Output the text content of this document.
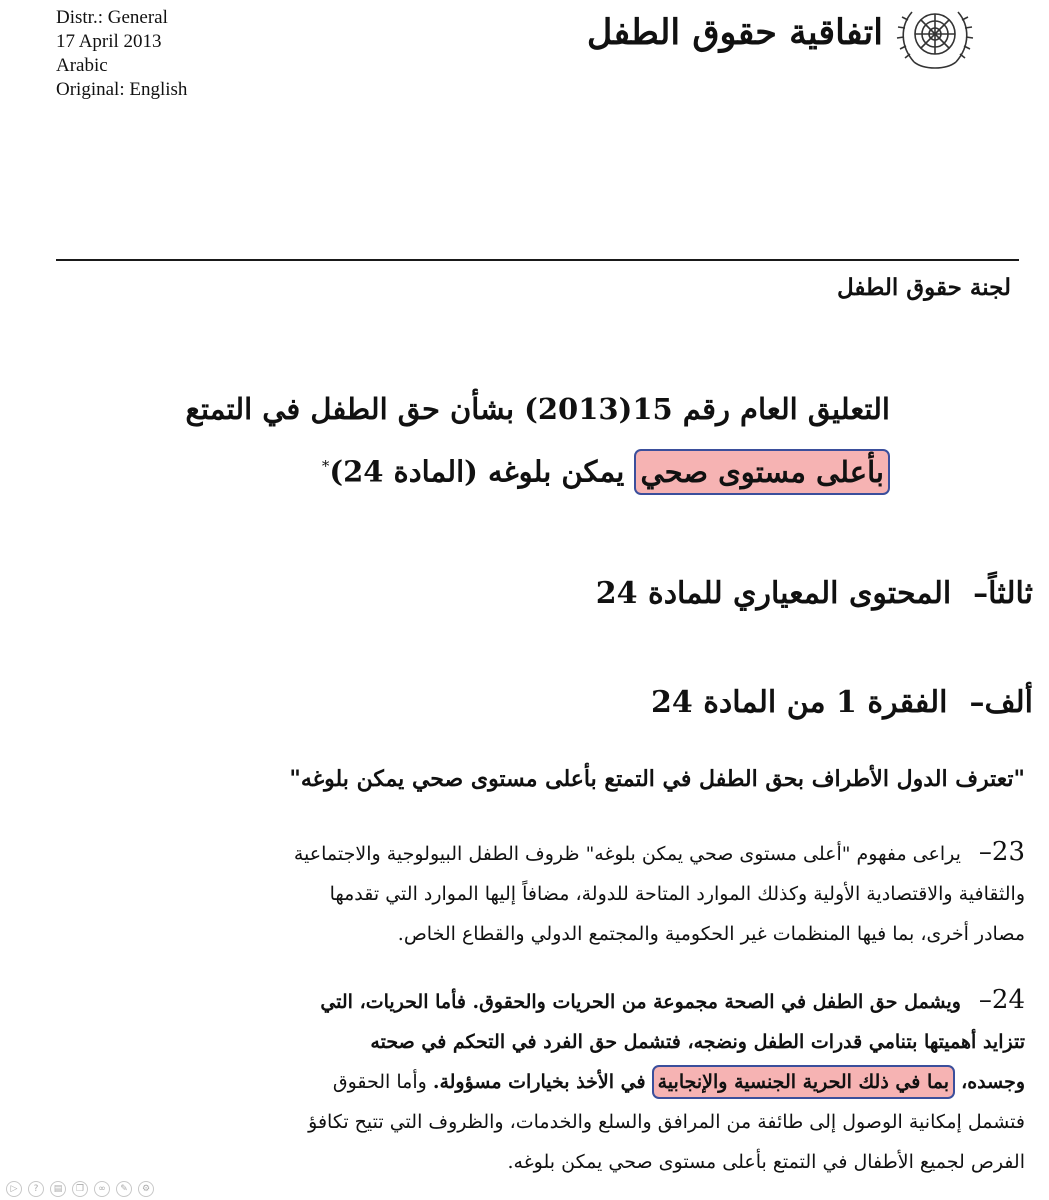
Distr.: General
17 April 2013
Arabic
Original: English
اتفاقية حقوق الطفل
لجنة حقوق الطفل
التعليق العام رقم 15(2013) بشأن حق الطفل في التمتع
بأعلى مستوى صحي يمكن بلوغه (المادة 24)*
ثالثاً–المحتوى المعياري للمادة 24
ألف–الفقرة 1 من المادة 24
"تعترف الدول الأطراف بحق الطفل في التمتع بأعلى مستوى صحي يمكن بلوغه"
23–يراعى مفهوم "أعلى مستوى صحي يمكن بلوغه" ظروف الطفل البيولوجية والاجتماعية
والثقافية والاقتصادية الأولية وكذلك الموارد المتاحة للدولة، مضافاً إليها الموارد التي تقدمها
مصادر أخرى، بما فيها المنظمات غير الحكومية والمجتمع الدولي والقطاع الخاص.
24–ويشمل حق الطفل في الصحة مجموعة من الحريات والحقوق. فأما الحريات، التي
تتزايد أهميتها بتنامي قدرات الطفل ونضجه، فتشمل حق الفرد في التحكم في صحته
وجسده، بما في ذلك الحرية الجنسية والإنجابية في الأخذ بخيارات مسؤولة. وأما الحقوق
فتشمل إمكانية الوصول إلى طائفة من المرافق والسلع والخدمات، والظروف التي تتيح تكافؤ
الفرص لجميع الأطفال في التمتع بأعلى مستوى صحي يمكن بلوغه.
▷	?	▤	❐	∞	✎	⚙
